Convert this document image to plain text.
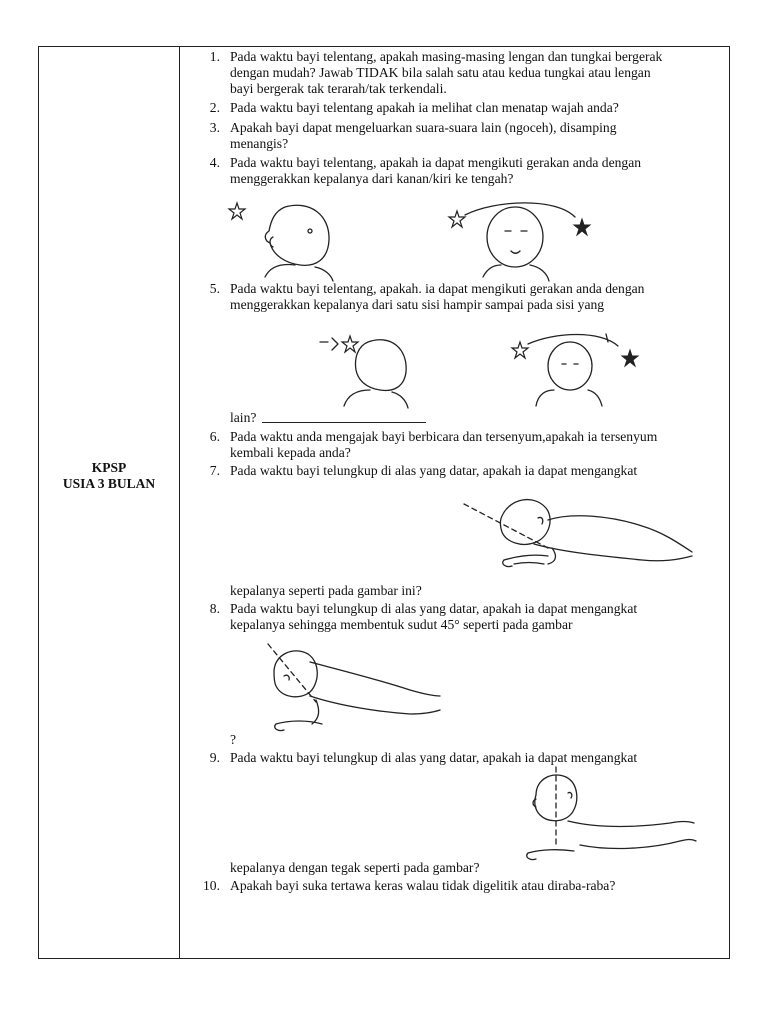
KPSP
USIA 3 BULAN
1. Pada waktu bayi telentang, apakah masing-masing lengan dan tungkai bergerak
dengan mudah? Jawab TIDAK bila salah satu atau kedua tungkai atau lengan
bayi bergerak tak terarah/tak terkendali.
2. Pada waktu bayi telentang apakah ia melihat clan menatap wajah anda?
3. Apakah bayi dapat mengeluarkan suara-suara lain (ngoceh), disamping
menangis?
4. Pada waktu bayi telentang, apakah ia dapat mengikuti gerakan anda dengan
menggerakkan kepalanya dari kanan/kiri ke tengah?
5. Pada waktu bayi telentang, apakah. ia dapat mengikuti gerakan anda dengan
menggerakkan kepalanya dari satu sisi hampir sampai pada sisi yang
lain?
6. Pada waktu anda mengajak bayi berbicara dan tersenyum,apakah ia tersenyum
kembali kepada anda?
7. Pada waktu bayi telungkup di alas yang datar, apakah ia dapat mengangkat
kepalanya seperti pada gambar ini?
8. Pada waktu bayi telungkup di alas yang datar, apakah ia dapat mengangkat
kepalanya sehingga membentuk sudut 45° seperti pada gambar
?
9. Pada waktu bayi telungkup di alas yang datar, apakah ia dapat mengangkat
kepalanya dengan tegak seperti pada gambar?
10. Apakah bayi suka tertawa keras walau tidak digelitik atau diraba-raba?
